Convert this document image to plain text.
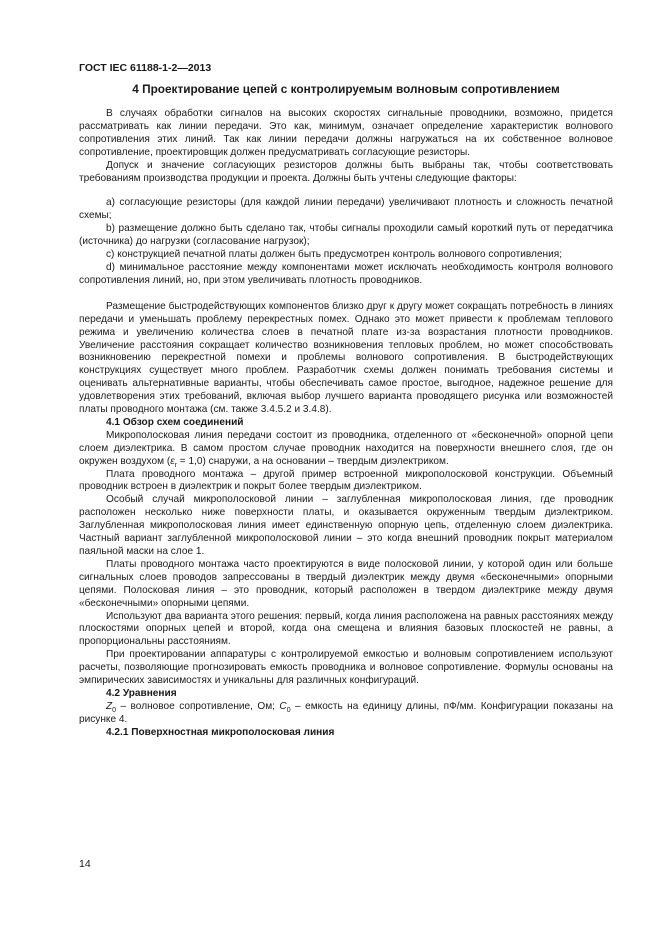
ГОСТ IEC 61188-1-2—2013
4 Проектирование цепей с контролируемым волновым сопротивлением

В случаях обработки сигналов на высоких скоростях сигнальные проводники, возможно, придется рассматривать как линии передачи. Это как, минимум, означает определение характеристик волнового сопротивления этих линий. Так как линии передачи должны нагружаться на их собственное волновое сопротивление, проектировщик должен предусматривать согласующие резисторы.

Допуск и значение согласующих резисторов должны быть выбраны так, чтобы соответствовать требованиям производства продукции и проекта. Должны быть учтены следующие факторы:

a) согласующие резисторы (для каждой линии передачи) увеличивают плотность и сложность печатной схемы;

b) размещение должно быть сделано так, чтобы сигналы проходили самый короткий путь от передатчика (источника) до нагрузки (согласование нагрузок);

c) конструкцией печатной платы должен быть предусмотрен контроль волнового сопротивления;

d) минимальное расстояние между компонентами может исключать необходимость контроля волнового сопротивления линий, но, при этом увеличивать плотность проводников.

Размещение быстродействующих компонентов близко друг к другу может сокращать потребность в линиях передачи и уменьшать проблему перекрестных помех. Однако это может привести к проблемам теплового режима и увеличению количества слоев в печатной плате из-за возрастания плотности проводников. Увеличение расстояния сокращает количество возникновения тепловых проблем, но может способствовать возникновению перекрестной помехи и проблемы волнового сопротивления. В быстродействующих конструкциях существует много проблем. Разработчик схемы должен понимать требования системы и оценивать альтернативные варианты, чтобы обеспечивать самое простое, выгодное, надежное решение для удовлетворения этих требований, включая выбор лучшего варианта проводящего рисунка или возможностей платы проводного монтажа (см. также 3.4.5.2 и 3.4.8).

4.1 Обзор схем соединений

Микрополосковая линия передачи состоит из проводника, отделенного от «бесконечной» опорной цепи слоем диэлектрика. В самом простом случае проводник находится на поверхности внешнего слоя, где он окружен воздухом $(\varepsilon_r = 1,0)$ снаружи, а на основании – твердым диэлектриком.

Плата проводного монтажа – другой пример встроенной микрополосковой конструкции. Объемный проводник встроен в диэлектрик и покрыт более твердым диэлектриком.

Особый случай микрополосковой линии – заглубленная микрополосковая линия, где проводник расположен несколько ниже поверхности платы, и оказывается окруженным твердым диэлектриком. Заглубленная микрополосковая линия имеет единственную опорную цепь, отделенную слоем диэлектрика. Частный вариант заглубленной микрополосковой линии – это когда внешний проводник покрыт материалом паяльной маски на слое 1.

Платы проводного монтажа часто проектируются в виде полосковой линии, у которой один или больше сигнальных слоев проводов запрессованы в твердый диэлектрик между двумя «бесконечными» опорными цепями. Полосковая линия – это проводник, который расположен в твердом диэлектрике между двумя «бесконечными» опорными цепями.

Используют два варианта этого решения: первый, когда линия расположена на равных расстояниях между плоскостями опорных цепей и второй, когда она смещена и влияния базовых плоскостей не равны, а пропорциональны расстояниям.

При проектировании аппаратуры с контролируемой емкостью и волновым сопротивлением используют расчеты, позволяющие прогнозировать емкость проводника и волновое сопротивление. Формулы основаны на эмпирических зависимостях и уникальны для различных конфигураций.

4.2 Уравнения

$Z_0$ – волновое сопротивление, Ом; $C_0$ – емкость на единицу длины, пФ/мм. Конфигурации показаны на рисунке 4.

4.2.1 Поверхностная микрополосковая линия

14
